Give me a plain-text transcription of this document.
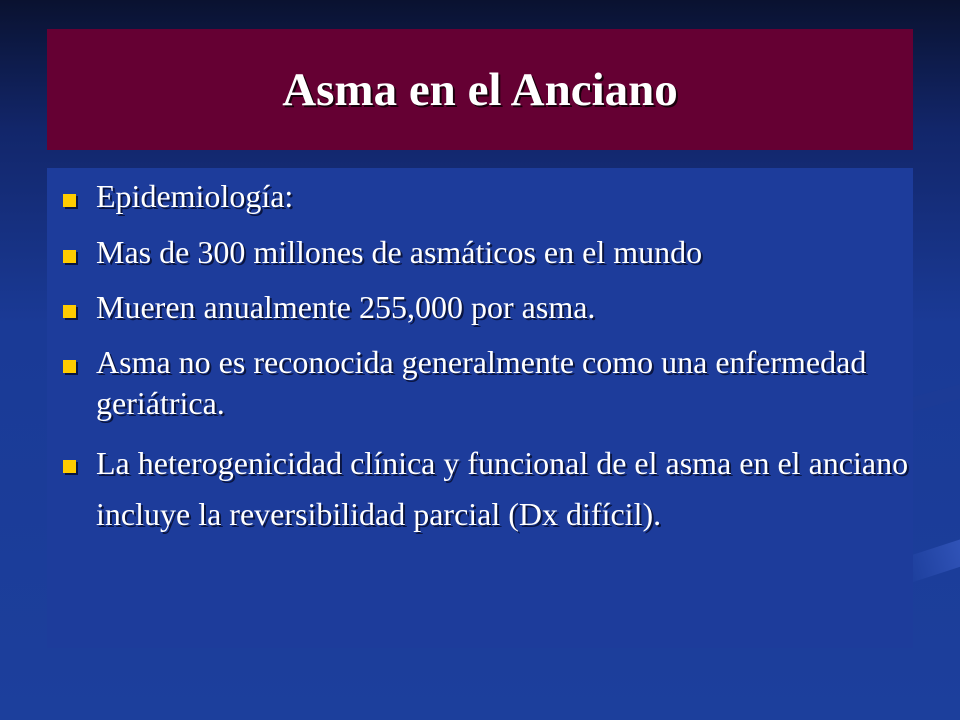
Asma en el Anciano
Epidemiología:
Mas de 300 millones de asmáticos en el mundo
Mueren anualmente 255,000 por asma.
Asma no es reconocida generalmente como una enfermedad geriátrica.
La heterogenicidad clínica y funcional de el asma en el anciano incluye la reversibilidad parcial (Dx difícil).
